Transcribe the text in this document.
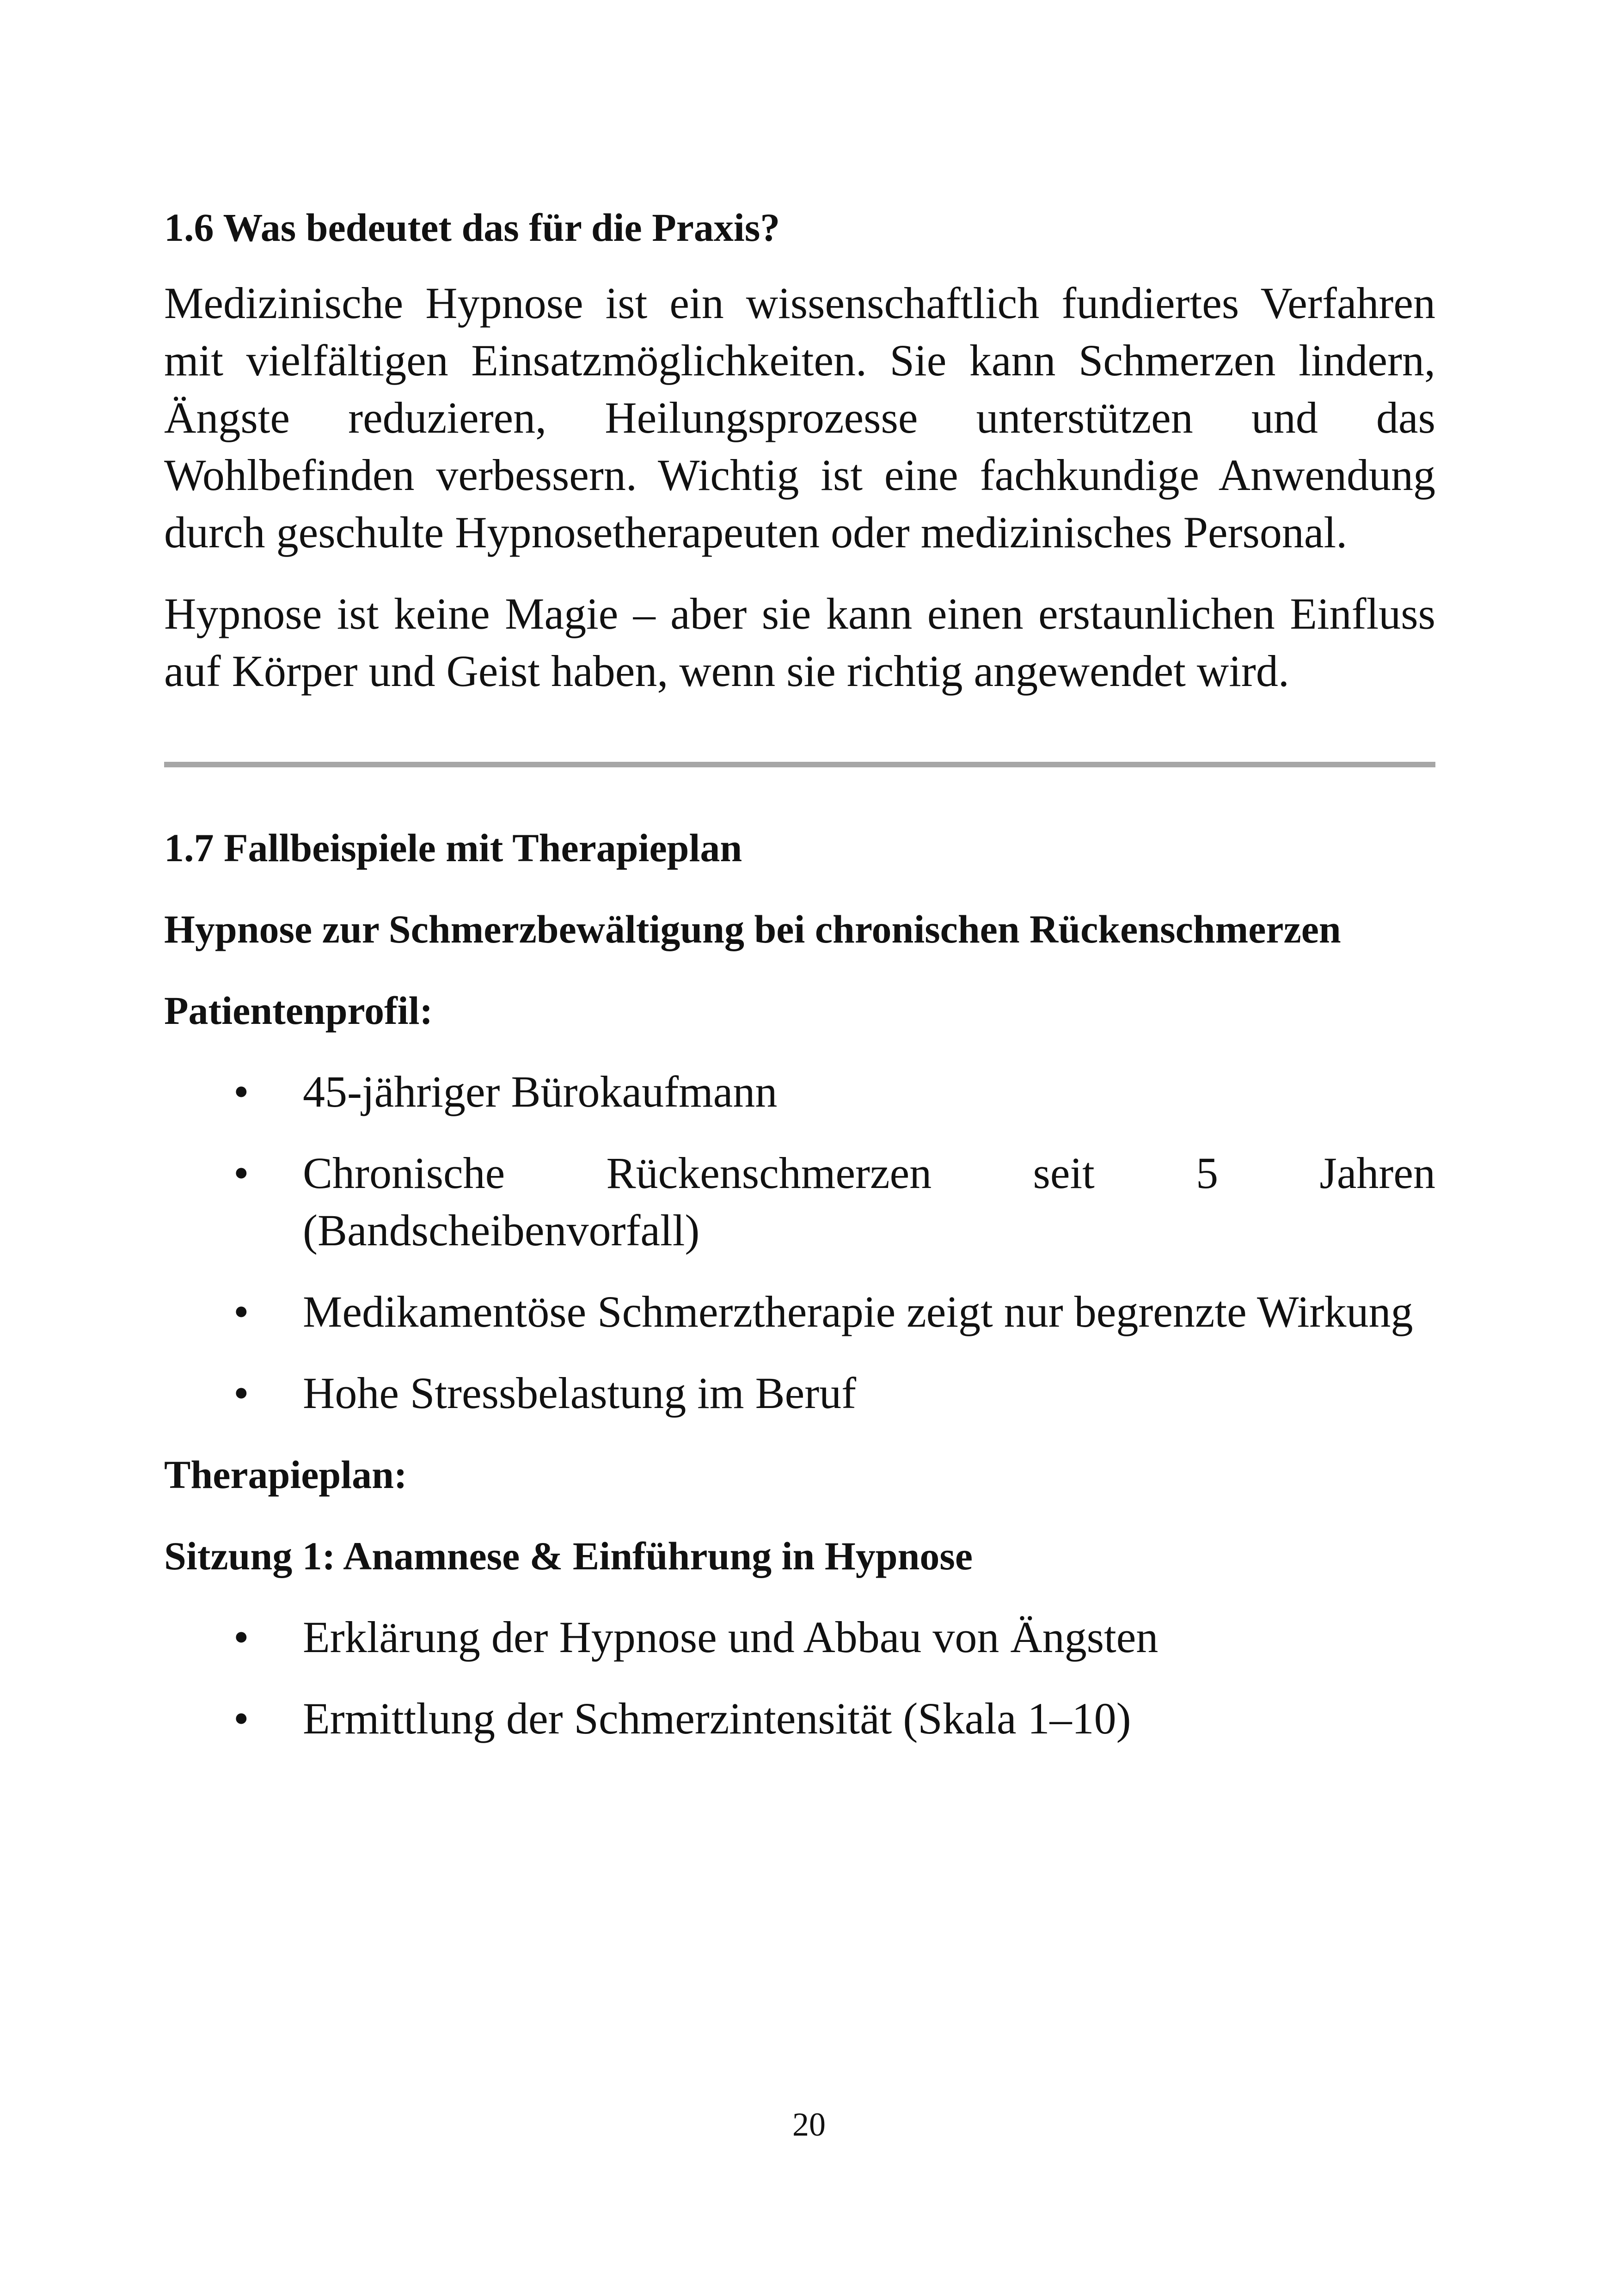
1.6 Was bedeutet das für die Praxis?

Medizinische Hypnose ist ein wissenschaftlich fundiertes Verfahren mit vielfältigen Einsatzmöglichkeiten. Sie kann Schmerzen lindern, Ängste reduzieren, Heilungsprozesse unterstützen und das Wohlbefinden verbessern. Wichtig ist eine fachkundige Anwendung durch geschulte Hypnosetherapeuten oder medizinisches Personal.

Hypnose ist keine Magie – aber sie kann einen erstaunlichen Einfluss auf Körper und Geist haben, wenn sie richtig angewendet wird.

1.7 Fallbeispiele mit Therapieplan
Hypnose zur Schmerzbewältigung bei chronischen Rückenschmerzen
Patientenprofil:
• 45-jähriger Bürokaufmann
• Chronische Rückenschmerzen seit 5 Jahren (Bandscheibenvorfall)
• Medikamentöse Schmerztherapie zeigt nur begrenzte Wirkung
• Hohe Stressbelastung im Beruf
Therapieplan:
Sitzung 1: Anamnese & Einführung in Hypnose
• Erklärung der Hypnose und Abbau von Ängsten
• Ermittlung der Schmerzintensität (Skala 1–10)
20
